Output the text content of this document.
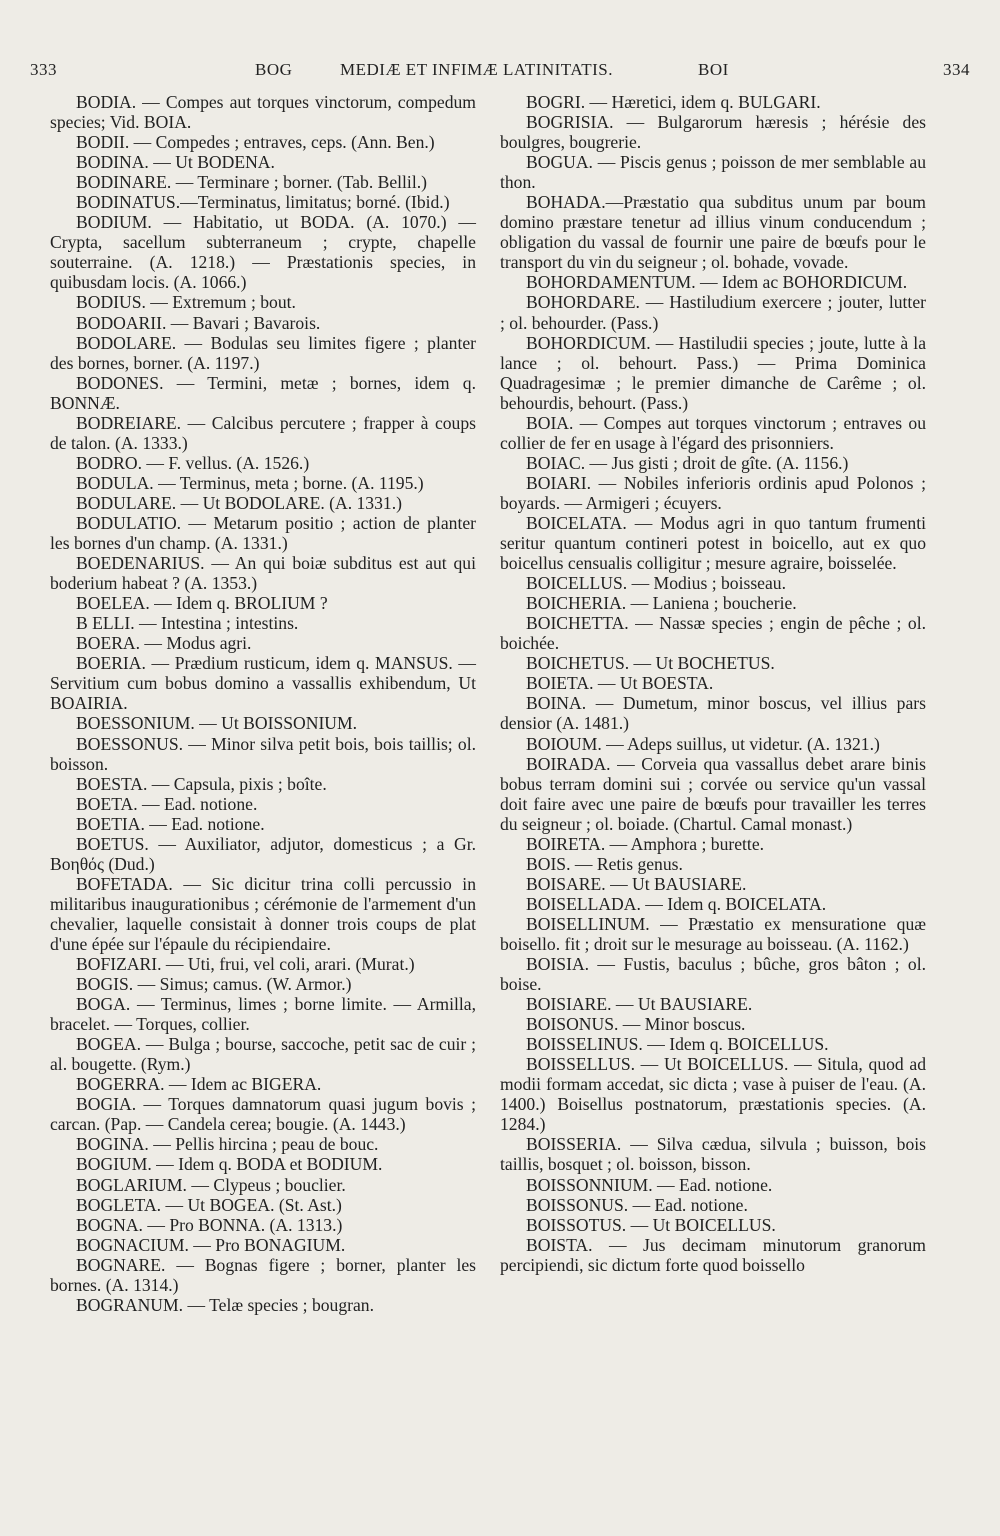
333	BOG	MEDIÆ ET INFIMÆ LATINITATIS.	BOI	334
BODIA. — Compes aut torques vinctorum, compedum species; Vid. BOIA.
BODII. — Compedes ; entraves, ceps. (Ann. Ben.)
BODINA. — Ut BODENA.
BODINARE. — Terminare ; borner. (Tab. Bellil.)
BODINATUS.—Terminatus, limitatus; borné. (Ibid.)
BODIUM. — Habitatio, ut BODA. (A. 1070.) — Crypta, sacellum subterraneum ; crypte, chapelle souterraine. (A. 1218.) — Præstationis species, in quibusdam locis. (A. 1066.)
BODIUS. — Extremum ; bout.
BODOARII. — Bavari ; Bavarois.
BODOLARE. — Bodulas seu limites figere ; planter des bornes, borner. (A. 1197.)
BODONES. — Termini, metæ ; bornes, idem q. BONNÆ.
BODREIARE. — Calcibus percutere ; frapper à coups de talon. (A. 1333.)
BODRO. — F. vellus. (A. 1526.)
BODULA. — Terminus, meta ; borne. (A. 1195.)
BODULARE. — Ut BODOLARE. (A. 1331.)
BODULATIO. — Metarum positio ; action de planter les bornes d'un champ. (A. 1331.)
BOEDENARIUS. — An qui boiæ subditus est aut qui boderium habeat ? (A. 1353.)
BOELEA. — Idem q. BROLIUM ?
B ELLI. — Intestina ; intestins.
BOERA. — Modus agri.
BOERIA. — Prædium rusticum, idem q. MANSUS. — Servitium cum bobus domino a vassallis exhibendum, Ut BOAIRIA.
BOESSONIUM. — Ut BOISSONIUM.
BOESSONUS. — Minor silva petit bois, bois taillis; ol. boisson.
BOESTA. — Capsula, pixis ; boîte.
BOETA. — Ead. notione.
BOETIA. — Ead. notione.
BOETUS. — Auxiliator, adjutor, domesticus ; a Gr. Βοηθός (Dud.)
BOFETADA. — Sic dicitur trina colli percussio in militaribus inaugurationibus ; cérémonie de l'armement d'un chevalier, laquelle consistait à donner trois coups de plat d'une épée sur l'épaule du récipiendaire.
BOFIZARI. — Uti, frui, vel coli, arari. (Murat.)
BOGIS. — Simus; camus. (W. Armor.)
BOGA. — Terminus, limes ; borne limite. — Armilla, bracelet. — Torques, collier.
BOGEA. — Bulga ; bourse, saccoche, petit sac de cuir ; al. bougette. (Rym.)
BOGERRA. — Idem ac BIGERA.
BOGIA. — Torques damnatorum quasi jugum bovis ; carcan. (Pap. — Candela cerea; bougie. (A. 1443.)
BOGINA. — Pellis hircina ; peau de bouc.
BOGIUM. — Idem q. BODA et BODIUM.
BOGLARIUM. — Clypeus ; bouclier.
BOGLETA. — Ut BOGEA. (St. Ast.)
BOGNA. — Pro BONNA. (A. 1313.)
BOGNACIUM. — Pro BONAGIUM.
BOGNARE. — Bognas figere ; borner, planter les bornes. (A. 1314.)
BOGRANUM. — Telæ species ; bougran.
BOGRI. — Hæretici, idem q. BULGARI.
BOGRISIA. — Bulgarorum hæresis ; hérésie des boulgres, bougrerie.
BOGUA. — Piscis genus ; poisson de mer semblable au thon.
BOHADA.—Præstatio qua subditus unum par boum domino præstare tenetur ad illius vinum conducendum ; obligation du vassal de fournir une paire de bœufs pour le transport du vin du seigneur ; ol. bohade, vovade.
BOHORDAMENTUM. — Idem ac BOHORDICUM.
BOHORDARE. — Hastiludium exercere ; jouter, lutter ; ol. behourder. (Pass.)
BOHORDICUM. — Hastiludii species ; joute, lutte à la lance ; ol. behourt. Pass.) — Prima Dominica Quadragesimæ ; le premier dimanche de Carême ; ol. behourdis, behourt. (Pass.)
BOIA. — Compes aut torques vinctorum ; entraves ou collier de fer en usage à l'égard des prisonniers.
BOIAC. — Jus gisti ; droit de gîte. (A. 1156.)
BOIARI. — Nobiles inferioris ordinis apud Polonos ; boyards. — Armigeri ; écuyers.
BOICELATA. — Modus agri in quo tantum frumenti seritur quantum contineri potest in boicello, aut ex quo boicellus censualis colligitur ; mesure agraire, boisselée.
BOICELLUS. — Modius ; boisseau.
BOICHERIA. — Laniena ; boucherie.
BOICHETTA. — Nassæ species ; engin de pêche ; ol. boichée.
BOICHETUS. — Ut BOCHETUS.
BOIETA. — Ut BOESTA.
BOINA. — Dumetum, minor boscus, vel illius pars densior (A. 1481.)
BOIOUM. — Adeps suillus, ut videtur. (A. 1321.)
BOIRADA. — Corveia qua vassallus debet arare binis bobus terram domini sui ; corvée ou service qu'un vassal doit faire avec une paire de bœufs pour travailler les terres du seigneur ; ol. boiade. (Chartul. Camal monast.)
BOIRETA. — Amphora ; burette.
BOIS. — Retis genus.
BOISARE. — Ut BAUSIARE.
BOISELLADA. — Idem q. BOICELATA.
BOISELLINUM. — Præstatio ex mensuratione quæ boisello. fit ; droit sur le mesurage au boisseau. (A. 1162.)
BOISIA. — Fustis, baculus ; bûche, gros bâton ; ol. boise.
BOISIARE. — Ut BAUSIARE.
BOISONUS. — Minor boscus.
BOISSELINUS. — Idem q. BOICELLUS.
BOISSELLUS. — Ut BOICELLUS. — Situla, quod ad modii formam accedat, sic dicta ; vase à puiser de l'eau. (A. 1400.) Boisellus postnatorum, præstationis species. (A. 1284.)
BOISSERIA. — Silva cædua, silvula ; buisson, bois taillis, bosquet ; ol. boisson, bisson.
BOISSONNIUM. — Ead. notione.
BOISSONUS. — Ead. notione.
BOISSOTUS. — Ut BOICELLUS.
BOISTA. — Jus decimam minutorum granorum percipiendi, sic dictum forte quod boissello
